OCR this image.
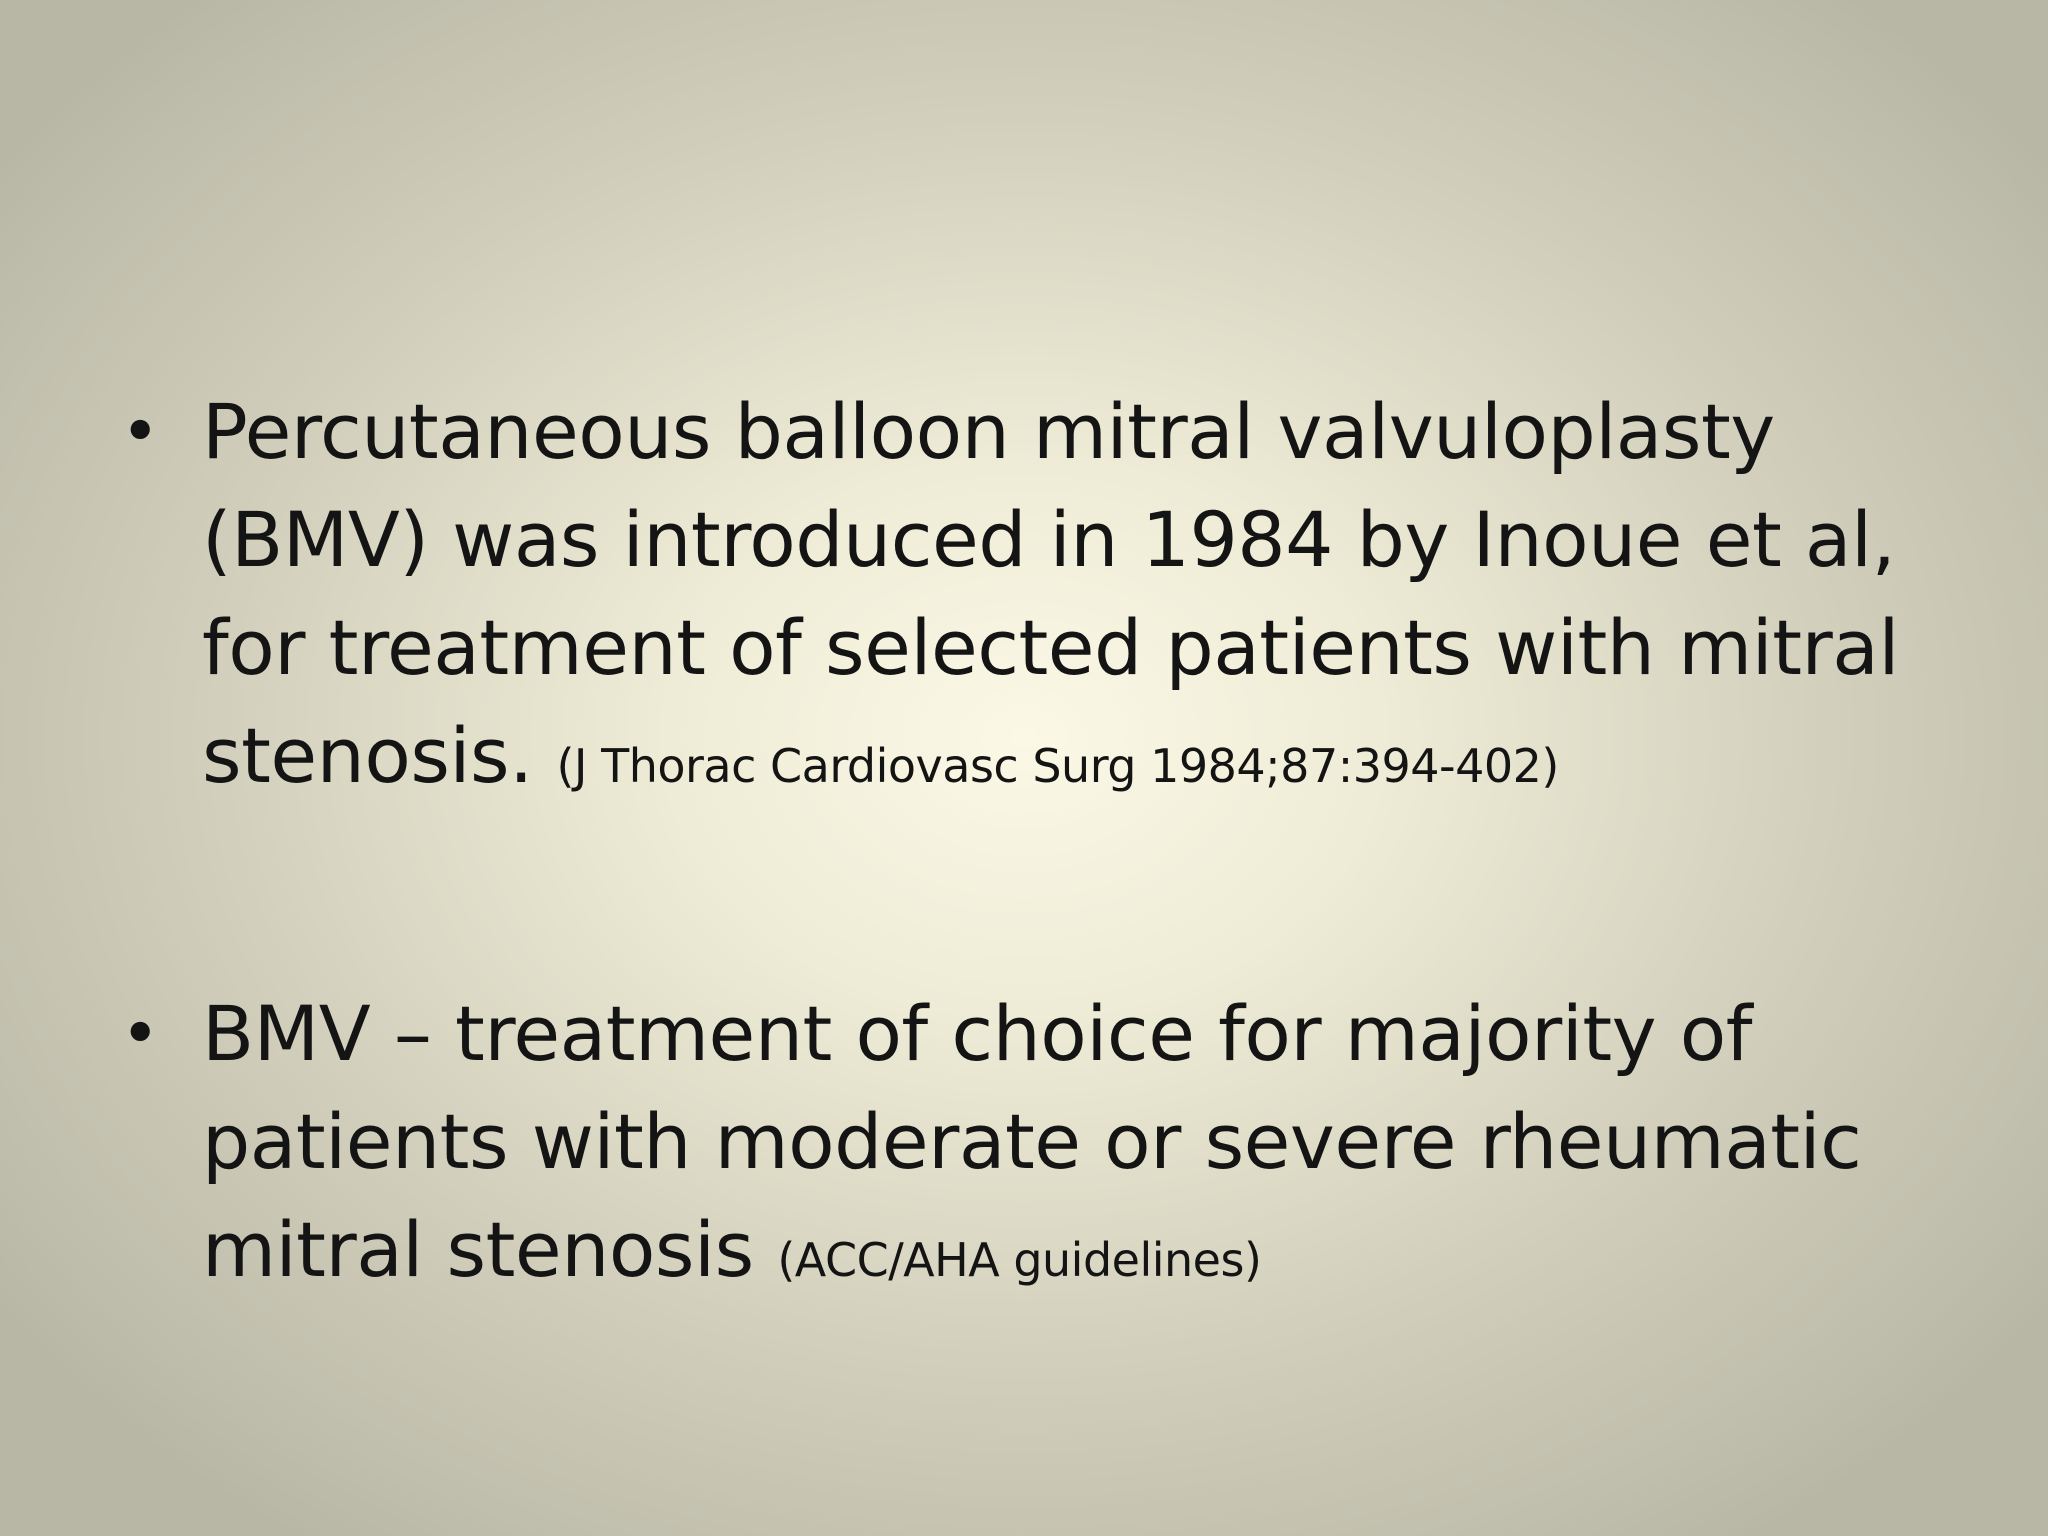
• Percutaneous balloon mitral valvuloplasty (BMV) was introduced in 1984 by Inoue et al, for treatment of selected patients with mitral stenosis. (J Thorac Cardiovasc Surg 1984;87:394-402)
• BMV – treatment of choice for majority of patients with moderate or severe rheumatic mitral stenosis (ACC/AHA guidelines)
